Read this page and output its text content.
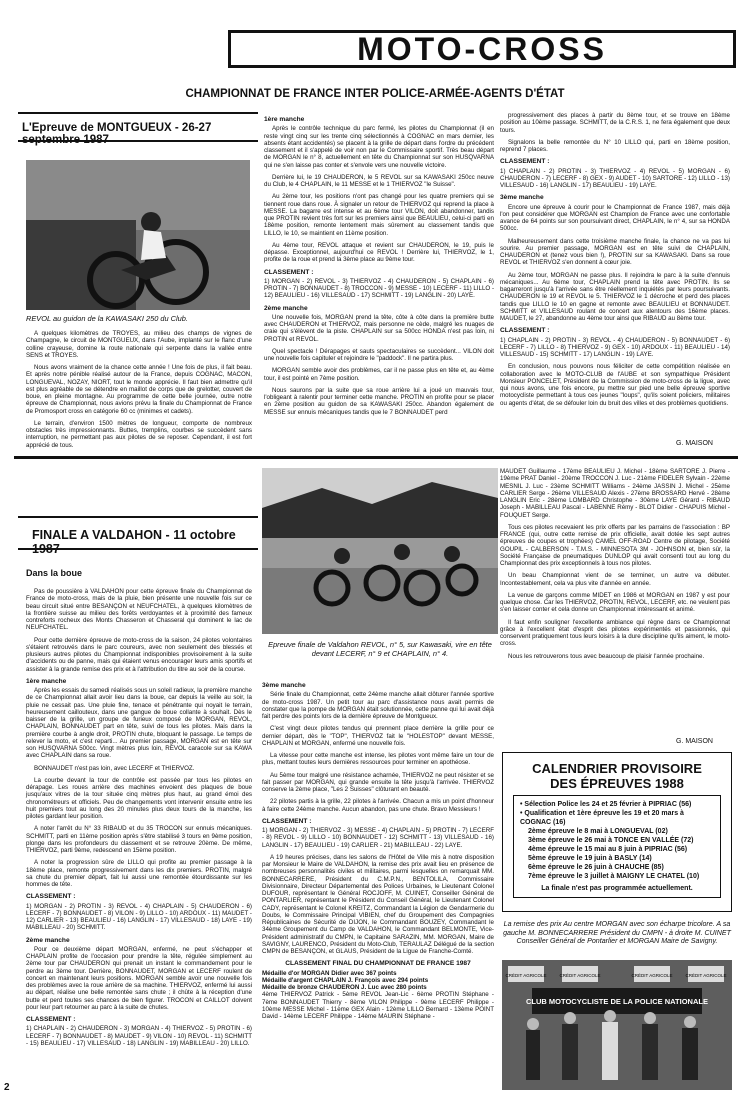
MOTO-CROSS
CHAMPIONNAT DE FRANCE INTER POLICE-ARMÉE-AGENTS D'ÉTAT
L'Epreuve de MONTGUEUX - 26-27
REVOL au guidon de la KAWASAKI 250 du Club.

A quelques kilomètres de TROYES, au milieu des champs de vignes de Champagne, le circuit de MONTGUEUX, dans l'Aube, implanté sur le flanc d'une colline crayeuse, domine la route nationale qui serpente dans la vallée entre SENS et TROYES.

Nous avons vraiment de la chance cette année ! Une fois de plus, il fait beau. Et après notre pénible réalisé autour de la France, depuis COGNAC, MACON, LONGUEVAL, NOZAY, NIORT, tout le monde apprécie. Il faut bien admettre qu'il est plus agréable de se détendre en maillot de corps que de grelotter, couvert de boue, en pleine montagne. Au programme de cette belle journée, outre notre épreuve de Championnat, nous avions prévu la finale du Championnat de France de Promosport cross en catégorie 60 cc (minimes et cadets).

Le terrain, d'environ 1500 mètres de longueur, comporte de nombreux obstacles très impressionnants. Buttes, tremplins, courbes se succèdent sans interruption, ne permettant pas aux pilotes de se reposer. Cependant, il est fort apprécié de tous.

1ère manche

Après le contrôle technique du parc fermé, les pilotes du Championnat (il en reste vingt cinq sur les trente cinq sélectionnés à COGNAC en mars dernier, les absents étant accidentés) se placent à la grille de départ dans l'ordre du précédent classement et il s'appelé de voir non par le Commissaire sportif. Très beau départ de MORGAN le n° 8, actuellement en tête du Championnat sur son HUSQVARNA qui ne s'en laisse pas conter et s'envole vers une nouvelle victoire.

Derrière lui, le 19 CHAUDERON, le 5 REVOL sur sa KAWASAKI 250cc neuve du Club, le 4 CHAPLAIN, le 11 MESSE et le 1 THIERVOZ "le Suisse".

Au 2ème tour, les positions n'ont pas changé pour les quatre premiers qui se tiennent roue dans roue. À signaler un retour de THIERVOZ qui reprend la place à MESSE. La bagarre est intense et au 6ème tour VILON, doit abandonner, tandis que PROTIN revient très fort sur les premiers ainsi que BEAULIEU, celui-ci parti en 18ème position, remonte lentement mais sûrement au classement tandis que LILLO, le 10, se maintient en 11ème position.

Au 4ème tour, REVOL attaque et revient sur CHAUDERON, le 19, puis le dépasse. Exceptionnel, aujourd'hui ce REVOL ! Derrière lui, THIERVOZ, le 1, profite de la roue et prend la 3ème place au 9ème tour.

CLASSEMENT :

1) MORGAN - 2) REVOL - 3) THIERVOZ - 4) CHAUDERON - 5) CHAPLAIN - 6) PROTIN - 7) BONNAUDET - 8) TROCCON - 9) MESSE - 10) LECERF - 11) LILLO - 12) BEAULIEU - 16) VILLESAUD - 17) SCHMITT - 19) LANGLIN - 20) LAYE.

2ème manche

Une nouvelle fois, MORGAN prend la tête, côte à côte dans la première butte avec CHAUDERON et THIERVOZ, mais personne ne cède, malgré les nuages de craie qui s'élèvent de la piste. CHAPLAIN sur sa 500cc HONDA n'est pas loin, ni PROTIN et REVOL.

Quel spectacle ! Dérapages et sauts spectaculaires se succèdent... VILON doit une nouvelle fois capituler et rejoindre le "paddock". Il ne partira plus.

MORGAN semble avoir des problèmes, car il ne passe plus en tête et, au 4ème tour, il est pointé en 7ème position.

Nous saurons par la suite que sa roue arrière lui a joué un mauvais tour, l'obligeant à ralentir pour terminer cette manche. PROTIN en profite pour se placer en 2ème position au guidon de sa KAWASAKI 250cc. Abandon également de MESSE sur ennuis mécaniques tandis que le 7 BONNAUDET perd

progressivement des places à partir du 8ème tour, et se trouve en 18ème position au 10ème passage. SCHMITT, de la C.R.S. 1, ne fera également que deux tours.

Signalons la belle remontée du N° 10 LILLO qui, parti en 18ème position, reprend 7 places.

CLASSEMENT :

1) CHAPLAIN - 2) PROTIN - 3) THIERVOZ - 4) REVOL - 5) MORGAN - 6) CHAUDERON - 7) LECERF - 8) GEX - 9) AUDET - 10) SARTORE - 12) LILLO - 13) VILLESAUD - 16) LANGLIN - 17) BEAULIEU - 19) LAYE.

3ème manche

Encore une épreuve à courir pour le Championnat de France 1987, mais déjà l'on peut considérer que MORGAN est Champion de France avec une confortable avance de 64 points sur son poursuivant direct, CHAPLAIN, le n° 4, sur sa HONDA 500cc.

Malheureusement dans cette troisième manche finale, la chance ne va pas lui sourire. Au premier passage, MORGAN est en tête suivi de CHAPLAIN, CHAUDERON et (tenez vous bien !), PROTIN sur sa KAWASAKI. Dans sa roue REVOL et THIERVOZ s'en donnent à cœur joie.

Au 2ème tour, MORGAN ne passe plus. Il rejoindra le parc à la suite d'ennuis mécaniques... Au 6ème tour, CHAPLAIN prend la tête avec PROTIN. Ils se bagarreront jusqu'à l'arrivée sans être réellement inquiétés par leurs poursuivants. CHAUDERON le 19 et REVOL le 5. THIERVOZ le 1 décroche et perd des places tandis que LILLO le 10 en gagne et remonte avec BEAULIEU et BONNAUDET. SCHMITT et VILLESAUD roulant de concert aux alentours des 16ème places. MAUDET, le 27, abandonne au 4ème tour ainsi que RIBAUD au 8ème tour.

CLASSEMENT :

1) CHAPLAIN - 2) PROTIN - 3) REVOL - 4) CHAUDERON - 5) BONNAUDET - 6) LECERF - 7) LILLO - 8) THIERVOZ - 9) GEX - 10) ARDOUX - 11) BEAULIEU - 14) VILLESAUD - 15) SCHMITT - 17) LANGLIN - 19) LAYE.

En conclusion, nous pouvons nous féliciter de cette compétition réalisée en collaboration avec le MOTO-CLUB de l'AUBE et son sympathique Président Monsieur PONCELET, Président de la Commission de moto-cross de la ligue, avec qui nous avons, une fois encore, pu mettre sur pied une belle épreuve sportive motocycliste permettant à tous ces jeunes "loups", qu'ils soient policiers, militaires ou agents d'état, de se défouler loin du bruit des villes et des problèmes quotidiens.

G. MAISON
FINALE A VALDAHON - 11 octobre
Dans la boue

Pas de poussière à VALDAHON pour cette épreuve finale du Championnat de France de moto-cross, mais de la pluie, bien présente une nouvelle fois sur ce beau circuit situé entre BESANÇON et NEUFCHATEL, à quelques kilomètres de la frontière suisse au milieu des forêts verdoyantes et à proximité des fameux contreforts rocheux des Monts Chasseron et Chasseral qui dominent le lac de NEUFCHATEL.

Pour cette dernière épreuve de moto-cross de la saison, 24 pilotes volontaires s'étaient retrouvés dans le parc coureurs, avec non seulement des blessés et plusieurs autres pilotes du Championnat indisponibles provisoirement à la suite d'accidents ou de panne, mais qui étaient venus encourager leurs amis sportifs et assister à la grande remise des prix et à l'attribution du titre au soir de la course.

1ère manche

Après les essais du samedi réalisés sous un soleil radieux, la première manche de ce Championnat allait avoir lieu dans la boue, car depuis la veille au soir, la pluie ne cessait pas. Une pluie fine, tenace et pénétrante qui noyait le terrain, heureusement caillouteux, dans une gangue de boue collante à souhait. Dès le baisser de la grille, un groupe de furieux composé de MORGAN, REVOL, CHAPLAIN, BONNAUDET part en tête, suivi de tous les pilotes. Mais dans la première courbe à angle droit, PROTIN chute, bloquant le passage. Le temps de relever la moto, et c'est reparti... Au premier passage, MORGAN est en tête sur son HUSQVARNA 500cc. Vingt mètres plus loin, REVOL caracole sur sa KAWA avec CHAPLAIN dans sa roue.

BONNAUDET n'est pas loin, avec LECERF et THIERVOZ.

La courbe devant la tour de contrôle est passée par tous les pilotes en dérapage. Les roues arrière des machines envoient des plaques de boue jusqu'aux vitres de la tour située cinq mètres plus haut, au grand émoi des chronométreurs et officiels. Peu de changements vont intervenir ensuite entre les huit premiers tout au long des 20 minutes plus deux tours de la manche, les pilotes gardant leur position.

A noter l'arrêt du N° 33 RIBAUD et du 35 TROCON sur ennuis mécaniques. SCHMITT, parti en 11ème position après s'être stabilisé 3 tours en 9ème position, plonge dans les profondeurs du classement et se retrouve 20ème. De même, THIERVOZ, parti 9ème, redescend en 15ème position.

A noter la progression sûre de LILLO qui profite au premier passage à la 18ème place, remonte progressivement dans les dix premiers. PROTIN, malgré sa chute du premier départ, fait lui aussi une remontée étourdissante sur les hommes de tête.

CLASSEMENT :

1) MORGAN - 2) PROTIN - 3) REVOL - 4) CHAPLAIN - 5) CHAUDERON - 6) LECERF - 7) BONNAUDET - 8) VILON - 9) LILLO - 10) ARDOUX - 11) MAUDET - 12) CARLIER - 13) BEAULIEU - 16) LANGLIN - 17) VILLESAUD - 18) LAYE - 19) MABILLEAU - 20) SCHMITT.

2ème manche

Pour ce deuxième départ MORGAN, enfermé, ne peut s'échapper et CHAPLAIN profite de l'occasion pour prendre la tête, régulée simplement au 2ème tour par CHAUDERON qui prenait un instant le commandement pour le perdre au 3ème tour. Derrière, BONNAUDET, MORGAN et LECERF roulent de concert en maintenant leurs positions. MORGAN semble avoir une nouvelle fois des problèmes avec la roue arrière de sa machine. THIERVOZ, enfermé lui aussi au départ, réalise une belle remontée sans chute ; il chûte à la réception d'une butte et perd toutes ses chances de bien figurer. TROCON et CAILLOT doivent pour leur part retourner au parc à la suite de chutes.

CLASSEMENT :

1) CHAPLAIN - 2) CHAUDERON - 3) MORGAN - 4) THIERVOZ - 5) PROTIN - 6) LECERF - 7) BONNAUDET - 8) MAUDET - 9) VILON - 10) REVOL - 11) SCHMITT - 15) BEAULIEU - 17) VILLESAUD - 18) LANGLIN - 19) MABILLEAU - 20) LILLO.

Epreuve finale de Valdahon REVOL, n° 5, sur Kawasaki, vire en tête devant LECERF, n° 9 et CHAPLAIN, n° 4.
3ème manche

Série finale du Championnat, cette 24ème manche allait clôturer l'année sportive de moto-cross 1987. Un petit tour au parc d'assistance nous avait permis de constater que la pompe de MORGAN était solutionnée, cette panne qui lui avait déjà fait perdre des points lors de la dernière épreuve de Montgueux.

C'est vingt deux pilotes tendus qui prennent place derrière la grille pour ce dernier départ, dès le "TOP", THIERVOZ fait le "HOLESTOP" devant MESSE, CHAPLAIN et MORGAN, enfermé une nouvelle fois.

La vitesse pour cette manche est intense, les pilotes vont même faire un tour de plus, mettant toutes leurs dernières ressources pour terminer en apothéose.

Au 5ème tour malgré une résistance acharnée, THIERVOZ ne peut résister et se fait passer par MORGAN, qui grande ensuite la tête jusqu'à l'arrivée. THIERVOZ conserve la 2ème place, "Les 2 Suisses" clôturant en beauté.

22 pilotes partis à la grille, 22 pilotes à l'arrivée. Chacun a mis un point d'honneur à faire cette 24ème manche. Aucun abandon, pas une chute. Bravo Messieurs !

CLASSEMENT :

1) MORGAN - 2) THIERVOZ - 3) MESSE - 4) CHAPLAIN - 5) PROTIN - 7) LECERF - 8) REVOL - 9) LILLO - 10) BONNAUDET - 12) SCHMITT - 13) VILLESAUD - 16) LANGLIN - 17) BEAULIEU - 19) CARLIER - 21) MABILLEAU - 22) LAYE.

A 19 heures précises, dans les salons de l'Hôtel de Ville mis à notre disposition par Monsieur le Maire de VALDAHON, la remise des prix avait lieu en présence de nombreuses personnalités civiles et militaires, parmi lesquelles on remarquait MM. BONNECARRERE, Président du C.M.P.N., BENTOLILA, Commissaire Divisionnaire, Directeur Départemental des Polices Urbaines, le Lieutenant Colonel DUFOUR, représentant le Général ROCJOFF, M. CUINET, Conseiller Général de PONTARLIER, représentant le Président du Conseil Général, le Lieutenant Colonel CADY, représentant le Colonel KREITZ, Commandant la Légion de Gendarmerie du Doubs, le Commissaire Principal VIBIEN, chef du Groupement des Compagnies Républicaines de Sécurité de DIJON, le Commandant BOUZEY, Commandant le 34ème Groupement du Camp de VALDAHON, le Commandant BELMONTE, Vice-Président administratif du CMPN, le Capitaine SARAZIN, MM. MORGAN, Maire de SAVIGNY, LAURENCO, Président du Moto-Club, TERAULAZ Délégué de la section CMPN de BESANÇON, et GLAUS, Président de la Ligue de Franche-Comté.

CLASSEMENT FINAL DU CHAMPIONNAT DE FRANCE 1987
Médaille d'or MORGAN Didier avec 367 points
Médaille d'argent CHAPLAIN J. François avec 294 points
Médaille de bronze CHAUDERON J. Luc avec 280 points

4ème THIERVOZ Patrick - 5ème REVOL Jean-Lic - 6ème PROTIN Stéphane - 7ème BONNAUDET Thierry - 8ème VILON Philippe - 9ème LECERF Philippe - 10ème MESSE Michel - 11ème GEX Alain - 12ème LILLO Bernard - 13ème POINT David - 14ème LECERF Philippe - 14ème MAURIN Stéphane -

MAUDET Guillaume - 17ème BEAULIEU J. Michel - 18ème SARTORE J. Pierre - 19ème PRAT Daniel - 20ème TROCCON J. Luc - 21ème FIDELER Sylvain - 22ème MESNIL J. Luc - 23ème SCHMITT Williams - 24ème JASSIN J. Michel - 25ème CARLIER Serge - 26ème VILLESAUD Alexis - 27ème BROSSARD Hervé - 28ème LANGLIN Eric - 28ème LOMBARD Christophe - 30ème LAYE Gérard - RIBAUD Joseph - MABILLEAU Pascal - LABENNE Rémy - BLOT Didier - CHAPUIS Michel - FOUQUET Serge.

Tous ces pilotes recevaient les prix offerts par les parrains de l'association : BP FRANCE (qui, outre cette remise de prix officielle, avait dotée les sept autres épreuves de coupes et trophées) CAMEL OFF-ROAD Centre de pilotage, Société GOUPIL - CALBERSON - T.M.S. - MINNESOTA 3M - JOHNSON et, bien sûr, la Société Française de pneumatiques DUNLOP qui avait consenti tout au long du Championnat des prix exceptionnels à tous nos pilotes.

Un beau Championnat vient de se terminer, un autre va débuter. Incontestablement, cela va plus vite d'année en année.

La venue de garçons comme MIDET en 1986 et MORGAN en 1987 y est pour quelque chose. Car les THIERVOZ, PROTIN, REVOL, LECERF, etc. ne veulent pas s'en laisser conter et cela donne un Championnat intéressant et animé.

Il faut enfin souligner l'excellente ambiance qui règne dans ce Championnat grâce à l'excellent état d'esprit des pilotes expérimentés et passionnés, qui conservent pratiquement tous leurs loisirs à la dure discipline qu'ils aiment, le moto-cross.

Nous les retrouverons tous avec beaucoup de plaisir l'année prochaine.

G. MAISON
CALENDRIER PROVISOIRE
DES ÉPREUVES 1988
• Sélection Police les 24 et 25 février à PIPRIAC (56)
• Qualification et 1ère épreuve les 19 et 20 mars à COGNAC (16)
2ème épreuve le 8 mai à LONGUEVAL (02)
3ème épreuve le 26 mai à TONCE EN VALLÉE (72)
4ème épreuve le 15 mai au 8 juin à PIPRIAC (56)
5ème épreuve le 19 juin à BASLY (14)
6ème épreuve le 26 juin à CHAUCHE (85)
7ème épreuve le 3 juillet à MAIGNY LE CHATEL (10)
La finale n'est pas programmée actuellement.
La remise des prix Au centre MORGAN avec son écharpe tricolore. A sa gauche M. BONNECARRERE Président du CMPN - à droite M. CUINET Conseiller Général de Pontarlier et MORGAN Maire de Savigny.
CRÉDIT AGRICOLE	CRÉDIT AGRICOLE	CRÉDIT AGRICOLE	CRÉDIT AGRICOLE
CLUB MOTOCYCLISTE DE LA POLICE NATIONALE
2
